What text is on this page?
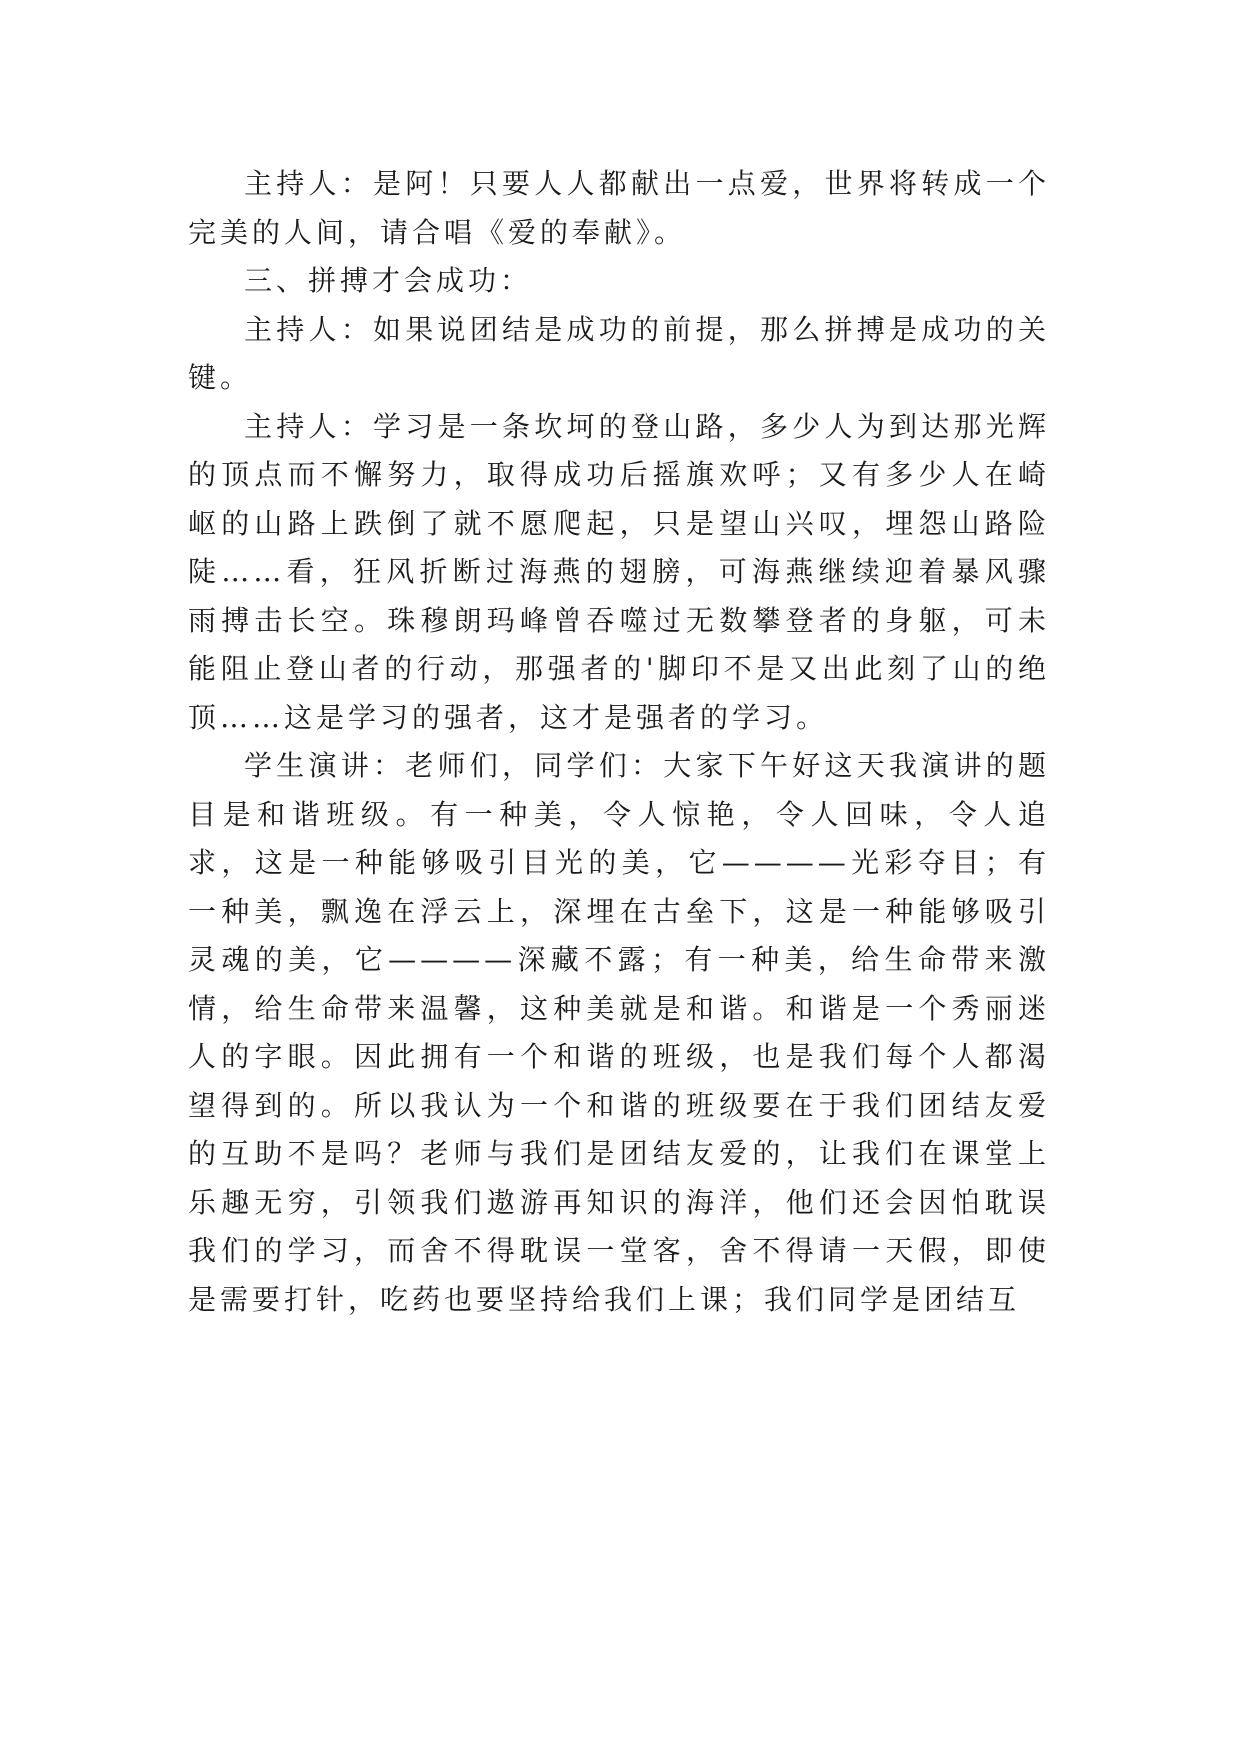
主持人：是阿！只要人人都献出一点爱，世界将转成一个完美的人间，请合唱《爱的奉献》。

三、拼搏才会成功：

主持人：如果说团结是成功的前提，那么拼搏是成功的关键。

主持人：学习是一条坎坷的登山路，多少人为到达那光辉的顶点而不懈努力，取得成功后摇旗欢呼；又有多少人在崎岖的山路上跌倒了就不愿爬起，只是望山兴叹，埋怨山路险陡……看，狂风折断过海燕的翅膀，可海燕继续迎着暴风骤雨搏击长空。珠穆朗玛峰曾吞噬过无数攀登者的身躯，可未能阻止登山者的行动，那强者的'脚印不是又出此刻了山的绝顶……这是学习的强者，这才是强者的学习。

学生演讲：老师们，同学们：大家下午好这天我演讲的题目是和谐班级。有一种美，令人惊艳，令人回味，令人追求，这是一种能够吸引目光的美，它————光彩夺目；有一种美，飘逸在浮云上，深埋在古垒下，这是一种能够吸引灵魂的美，它————深藏不露；有一种美，给生命带来激情，给生命带来温馨，这种美就是和谐。和谐是一个秀丽迷人的字眼。因此拥有一个和谐的班级，也是我们每个人都渴望得到的。所以我认为一个和谐的班级要在于我们团结友爱的互助不是吗？老师与我们是团结友爱的，让我们在课堂上乐趣无穷，引领我们遨游再知识的海洋，他们还会因怕耽误我们的学习，而舍不得耽误一堂客，舍不得请一天假，即使是需要打针，吃药也要坚持给我们上课；我们同学是团结互
